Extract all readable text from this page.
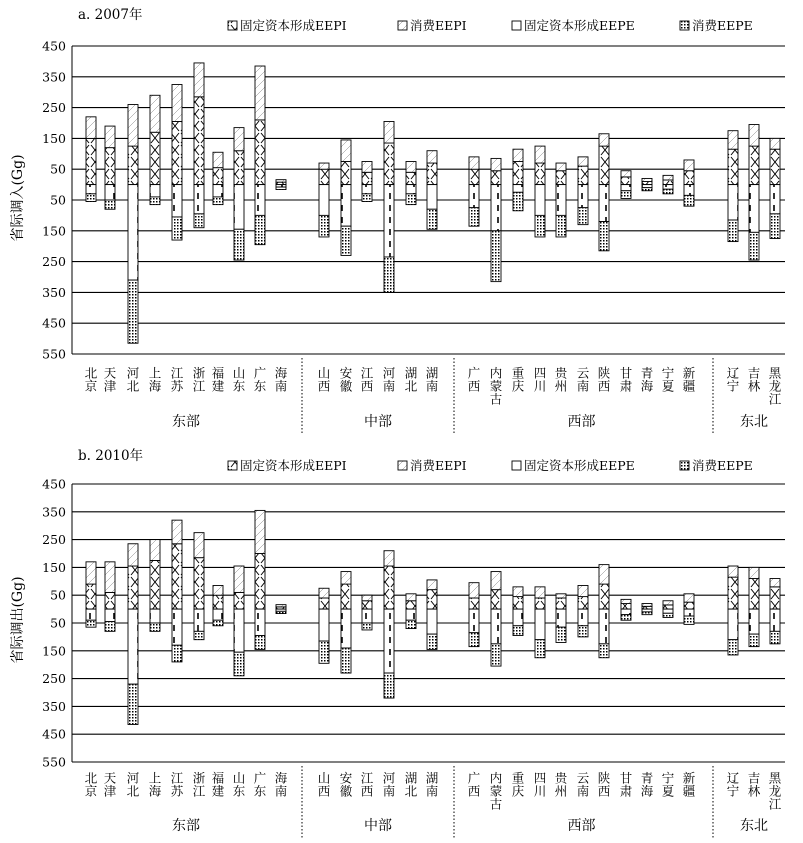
450
350
250
150
50
50
150
250
350
450
550
固定资本形成EEPI	消费EEPI	固定资本形成EEPE	消费EEPE
北京
天津
河北
上海
江苏
浙江
福建
山东
广东
海南
山西
安徽
江西
河南
湖北
湖南
广西
内蒙古
重庆
四川
贵州
云南
陕西
甘肃
青海
宁夏
新疆
辽宁
吉林
黑龙江
东部	中部	西部	东北
450
350
250
150
50
50
150
250
350
450
550
固定资本形成EEPI	消费EEPI	固定资本形成EEPE	消费EEPE
北京
天津
河北
上海
江苏
浙江
福建
山东
广东
海南
山西
安徽
江西
河南
湖北
湖南
广西
内蒙古
重庆
四川
贵州
云南
陕西
甘肃
青海
宁夏
新疆
辽宁
吉林
黑龙江
东部	中部	西部	东北
a. 2007年
b. 2010年
省际调入(Gg)
省际调出(Gg)
